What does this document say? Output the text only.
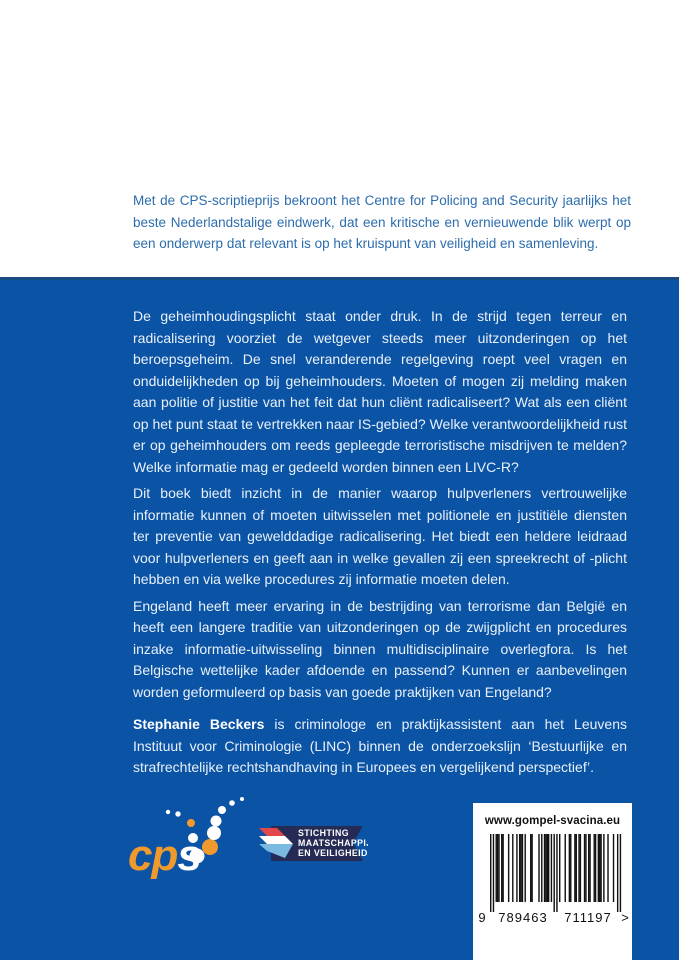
Met de CPS-scriptieprijs bekroont het Centre for Policing and Security jaarlijks het beste Nederlandstalige eindwerk, dat een kritische en vernieuwende blik werpt op een onderwerp dat relevant is op het kruispunt van veiligheid en samenleving.

De geheimhoudingsplicht staat onder druk. In de strijd tegen terreur en radicalisering voorziet de wetgever steeds meer uitzonderingen op het beroepsgeheim. De snel veranderende regelgeving roept veel vragen en onduidelijkheden op bij geheimhouders. Moeten of mogen zij melding maken aan politie of justitie van het feit dat hun cliënt radicaliseert? Wat als een cliënt op het punt staat te vertrekken naar IS-gebied? Welke verantwoordelijkheid rust er op geheimhouders om reeds gepleegde terroristische misdrijven te melden? Welke informatie mag er gedeeld worden binnen een LIVC-R?

Dit boek biedt inzicht in de manier waarop hulpverleners vertrouwelijke informatie kunnen of moeten uitwisselen met politionele en justitiële diensten ter preventie van gewelddadige radicalisering. Het biedt een heldere leidraad voor hulpverleners en geeft aan in welke gevallen zij een spreekrecht of -plicht hebben en via welke procedures zij informatie moeten delen.

Engeland heeft meer ervaring in de bestrijding van terrorisme dan België en heeft een langere traditie van uitzonderingen op de zwijgplicht en procedures inzake informatie-uitwisseling binnen multidisciplinaire overlegfora. Is het Belgische wettelijke kader afdoende en passend? Kunnen er aanbevelingen worden geformuleerd op basis van goede praktijken van Engeland?

Stephanie Beckers is criminologe en praktijkassistent aan het Leuvens Instituut voor Criminologie (LINC) binnen de onderzoekslijn ‘Bestuurlijke en strafrechtelijke rechtshandhaving in Europees en vergelijkend perspectief’.

cps	STICHTING
MAATSCHAPPIJ
EN VEILIGHEID
www.gompel-svacina.eu
9 789463 711197 >
